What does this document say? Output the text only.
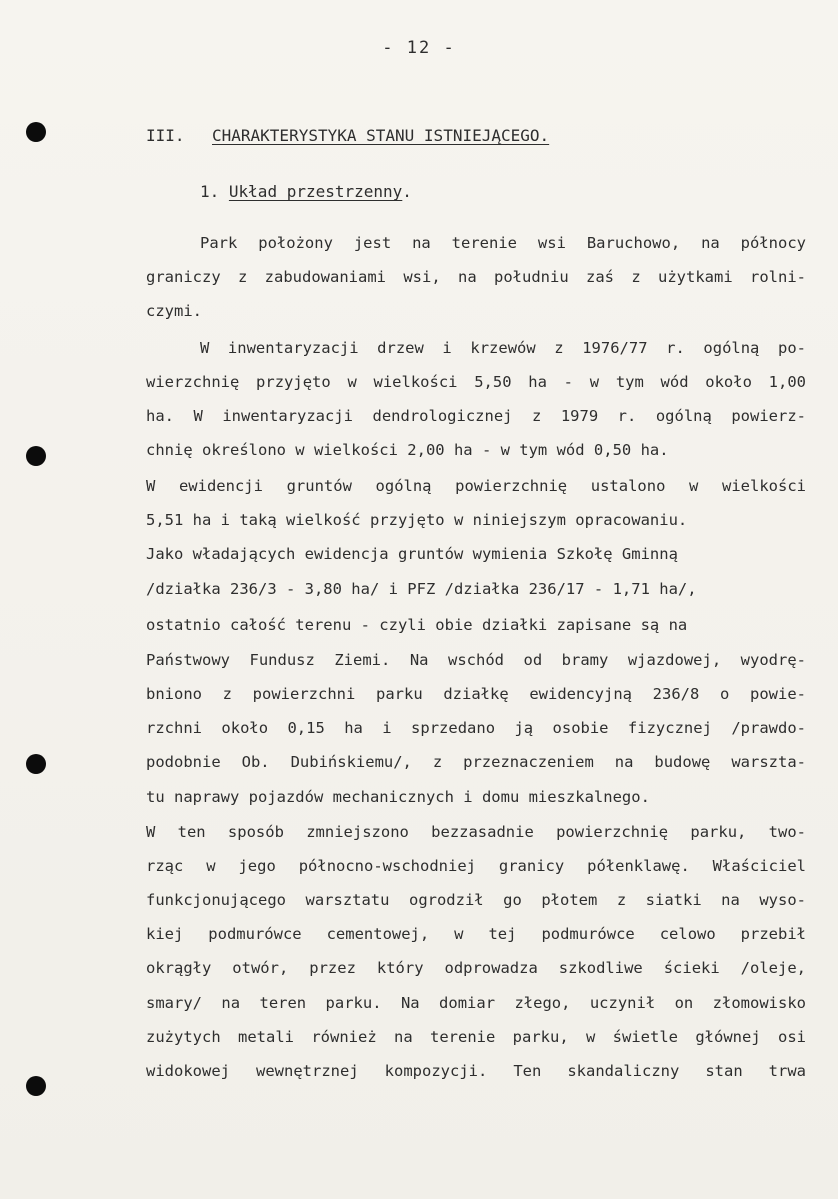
- 12 -
III. CHARAKTERYSTYKA STANU ISTNIEJĄCEGO.
1. Układ przestrzenny.
Park położony jest na terenie wsi Baruchowo, na północy
graniczy z zabudowaniami wsi, na południu zaś z użytkami rolni-
czymi.
W inwentaryzacji drzew i krzewów z 1976/77 r. ogólną po-
wierzchnię przyjęto w wielkości 5,50 ha - w tym wód około 1,00
ha. W inwentaryzacji dendrologicznej z 1979 r. ogólną powierz-
chnię określono w wielkości 2,00 ha - w tym wód 0,50 ha.
W ewidencji gruntów ogólną powierzchnię ustalono w wielkości
5,51 ha i taką wielkość przyjęto w niniejszym opracowaniu.
Jako władających ewidencja gruntów wymienia Szkołę Gminną
/działka 236/3 - 3,80 ha/ i PFZ /działka 236/17 - 1,71 ha/,
ostatnio całość terenu - czyli obie działki zapisane są na
Państwowy Fundusz Ziemi. Na wschód od bramy wjazdowej, wyodrę-
bniono z powierzchni parku działkę ewidencyjną 236/8 o powie-
rzchni około 0,15 ha i sprzedano ją osobie fizycznej /prawdo-
podobnie Ob. Dubińskiemu/, z przeznaczeniem na budowę warszta-
tu naprawy pojazdów mechanicznych i domu mieszkalnego.
W ten sposób zmniejszono bezzasadnie powierzchnię parku, two-
rząc w jego północno-wschodniej granicy półenklawę. Właściciel
funkcjonującego warsztatu ogrodził go płotem z siatki na wyso-
kiej podmurówce cementowej, w tej podmurówce celowo przebił
okrągły otwór, przez który odprowadza szkodliwe ścieki /oleje,
smary/ na teren parku. Na domiar złego, uczynił on złomowisko
zużytych metali również na terenie parku, w świetle głównej osi
widokowej wewnętrznej kompozycji. Ten skandaliczny stan trwa
